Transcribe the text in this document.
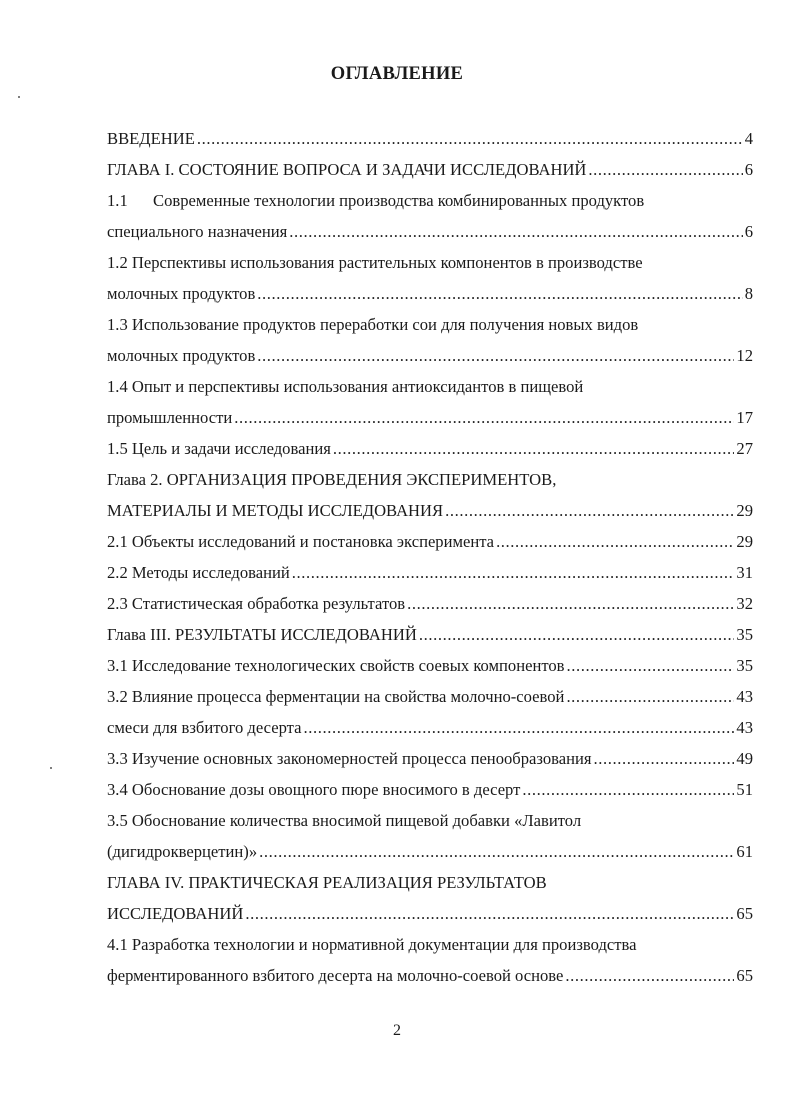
ОГЛАВЛЕНИЕ
ВВЕДЕНИЕ .....	4
ГЛАВА I. СОСТОЯНИЕ ВОПРОСА И ЗАДАЧИ ИССЛЕДОВАНИЙ .....	6
1.1 Современные технологии производства комбинированных продуктов
специального назначения .....	6
1.2 Перспективы использования растительных компонентов в производстве
молочных продуктов .....	8
1.3 Использование продуктов переработки сои для получения новых видов
молочных продуктов .....	12
1.4 Опыт и перспективы использования антиоксидантов в пищевой
промышленности .....	17
1.5 Цель и задачи исследования .....	27
Глава 2. ОРГАНИЗАЦИЯ ПРОВЕДЕНИЯ ЭКСПЕРИМЕНТОВ,
МАТЕРИАЛЫ И МЕТОДЫ ИССЛЕДОВАНИЯ .....	29
2.1 Объекты исследований и постановка эксперимента .....	29
2.2 Методы исследований .....	31
2.3 Статистическая обработка результатов .....	32
Глава III. РЕЗУЛЬТАТЫ ИССЛЕДОВАНИЙ .....	35
3.1 Исследование технологических свойств соевых компонентов .....	35
3.2 Влияние процесса ферментации на свойства молочно-соевой .....	43
смеси для взбитого десерта .....	43
3.3 Изучение основных закономерностей процесса пенообразования .....	49
3.4 Обоснование дозы овощного пюре вносимого в десерт .....	51
3.5 Обоснование количества вносимой пищевой добавки «Лавитол
(дигидрокверцетин)» .....	61
ГЛАВА IV. ПРАКТИЧЕСКАЯ РЕАЛИЗАЦИЯ РЕЗУЛЬТАТОВ
ИССЛЕДОВАНИЙ .....	65
4.1 Разработка технологии и нормативной документации для производства
ферментированного взбитого десерта на молочно-соевой основе .....	65
2
